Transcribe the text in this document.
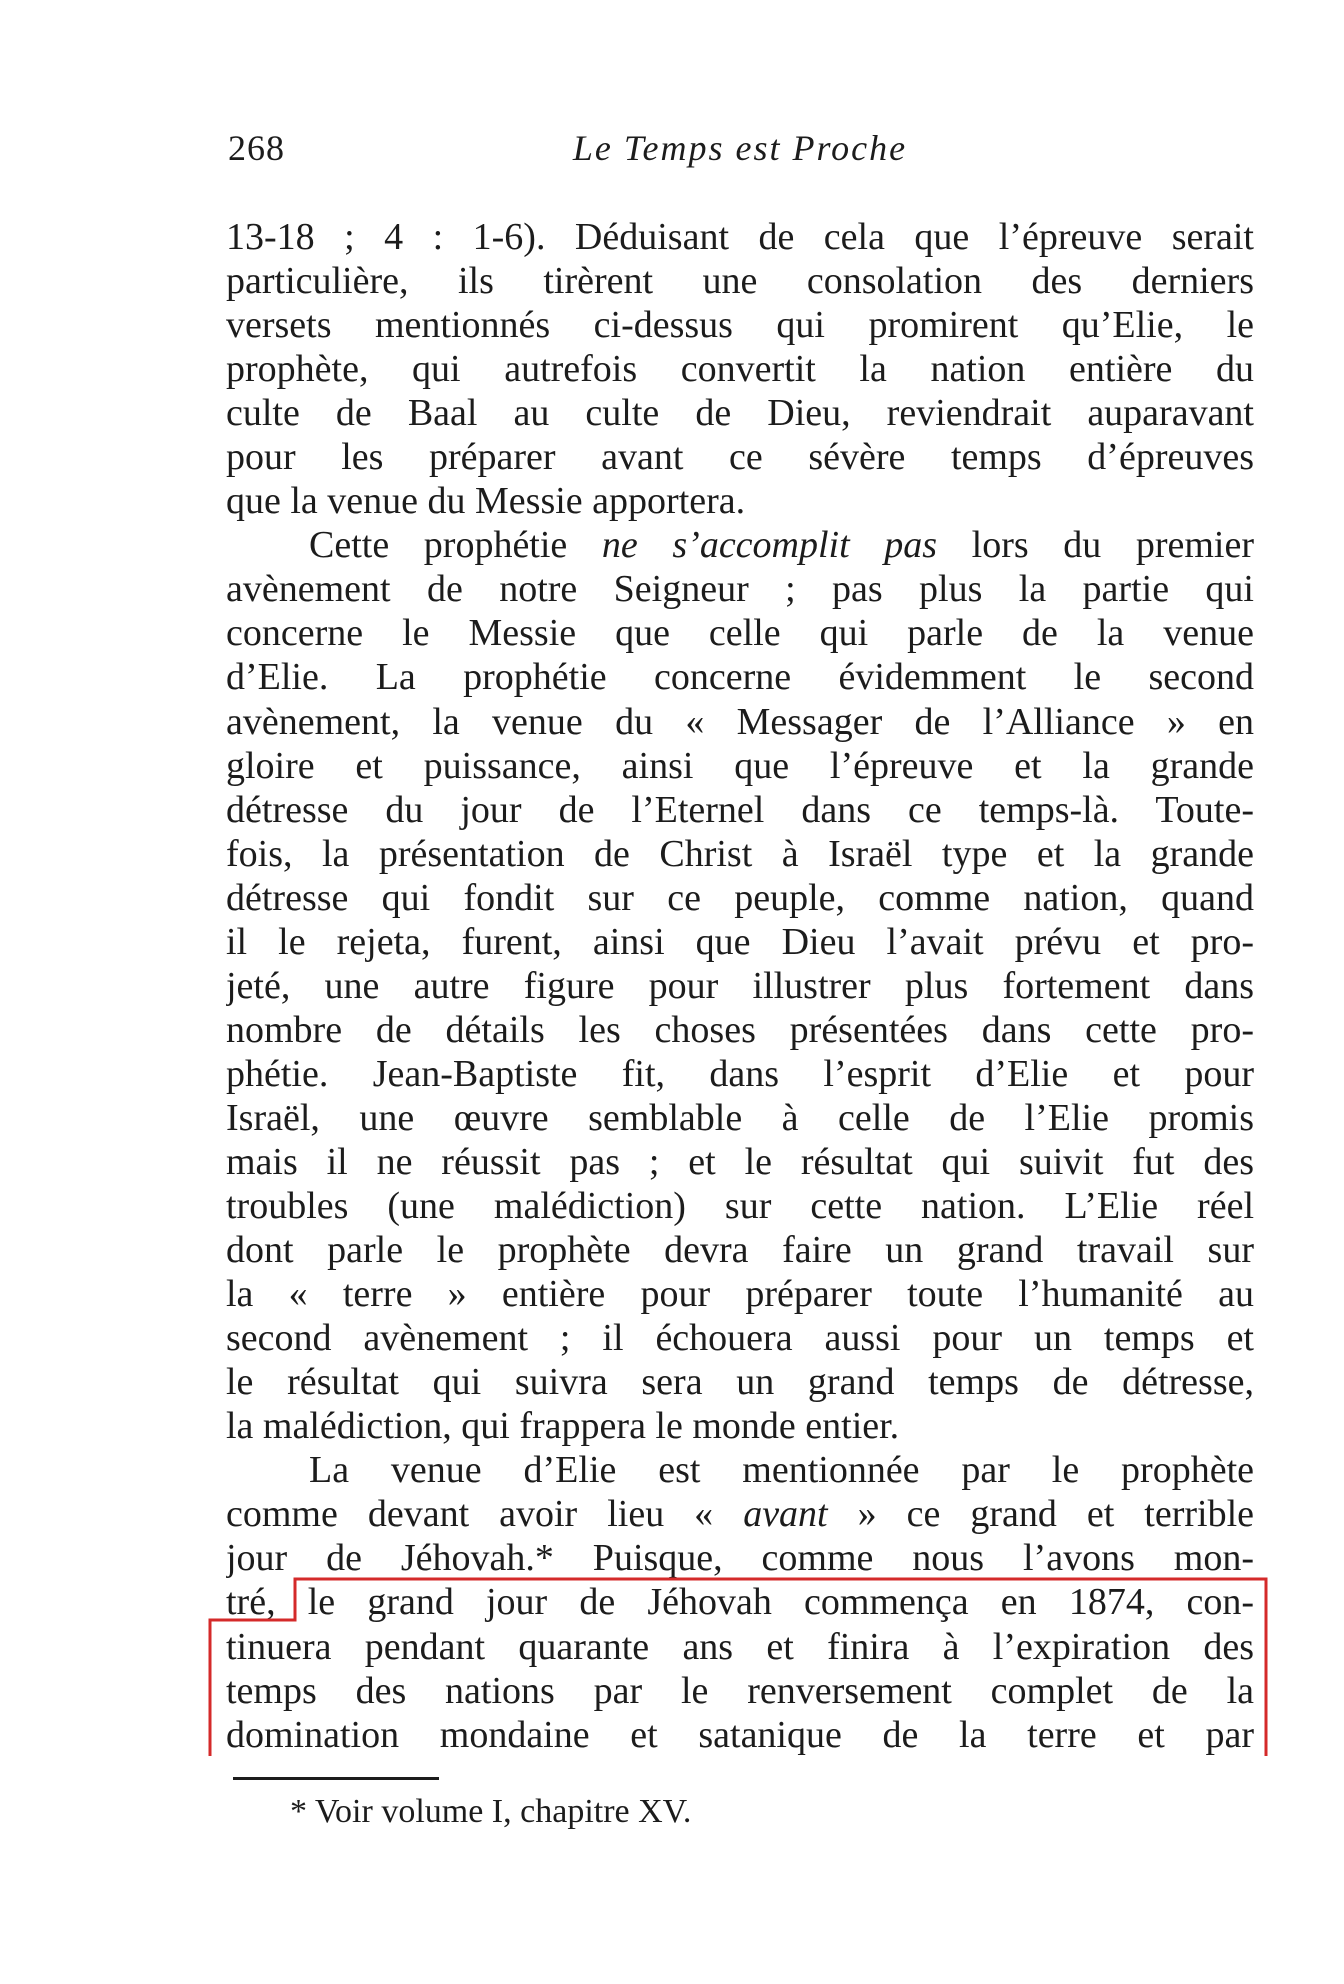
268	Le Temps est Proche
13-18 ; 4 : 1-6). Déduisant de cela que l’épreuve serait
particulière, ils tirèrent une consolation des derniers
versets mentionnés ci-dessus qui promirent qu’Elie, le
prophète, qui autrefois convertit la nation entière du
culte de Baal au culte de Dieu, reviendrait auparavant
pour les préparer avant ce sévère temps d’épreuves
que la venue du Messie apportera.
Cette prophétie ne s’accomplit pas lors du premier
avènement de notre Seigneur ; pas plus la partie qui
concerne le Messie que celle qui parle de la venue
d’Elie. La prophétie concerne évidemment le second
avènement, la venue du « Messager de l’Alliance » en
gloire et puissance, ainsi que l’épreuve et la grande
détresse du jour de l’Eternel dans ce temps-là. Toute-
fois, la présentation de Christ à Israël type et la grande
détresse qui fondit sur ce peuple, comme nation, quand
il le rejeta, furent, ainsi que Dieu l’avait prévu et pro-
jeté, une autre figure pour illustrer plus fortement dans
nombre de détails les choses présentées dans cette pro-
phétie. Jean-Baptiste fit, dans l’esprit d’Elie et pour
Israël, une œuvre semblable à celle de l’Elie promis
mais il ne réussit pas ; et le résultat qui suivit fut des
troubles (une malédiction) sur cette nation. L’Elie réel
dont parle le prophète devra faire un grand travail sur
la « terre » entière pour préparer toute l’humanité au
second avènement ; il échouera aussi pour un temps et
le résultat qui suivra sera un grand temps de détresse,
la malédiction, qui frappera le monde entier.
La venue d’Elie est mentionnée par le prophète
comme devant avoir lieu « avant » ce grand et terrible
jour de Jéhovah.* Puisque, comme nous l’avons mon-
tré, le grand jour de Jéhovah commença en 1874, con-
tinuera pendant quarante ans et finira à l’expiration des
temps des nations par le renversement complet de la
domination mondaine et satanique de la terre et par
* Voir volume I, chapitre XV.
